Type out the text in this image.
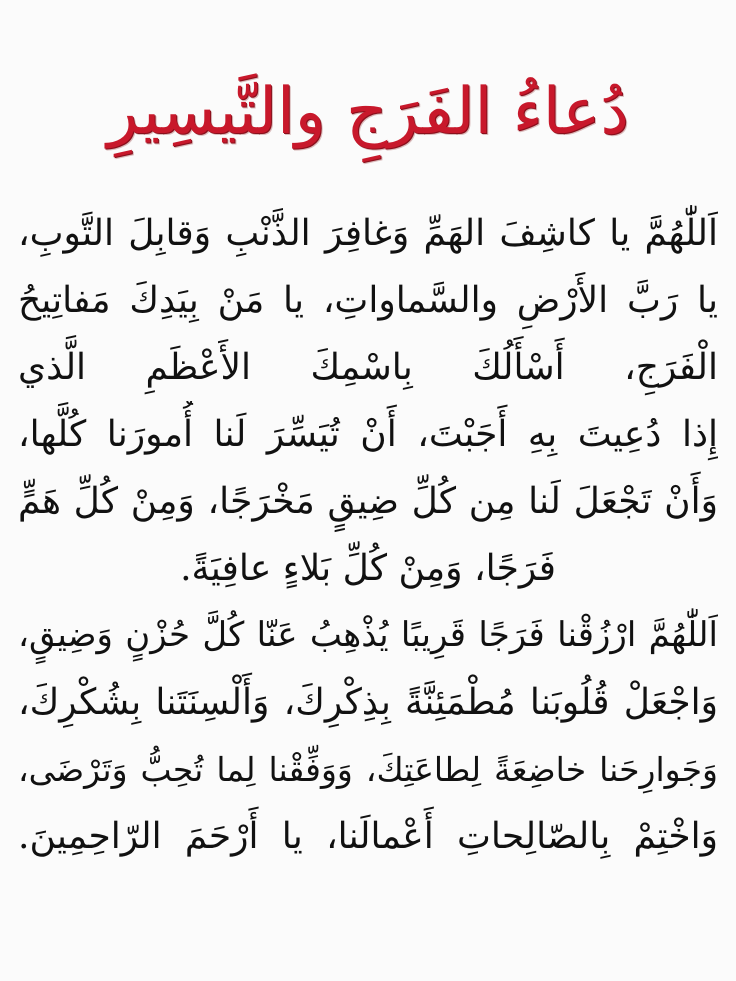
دُعاءُ الفَرَجِ والتَّيسِيرِ
اَللّٰهُمَّ يا كاشِفَ الهَمِّ وَغافِرَ الذَّنْبِ وَقابِلَ التَّوبِ،
يا رَبَّ الأَرْضِ والسَّماواتِ، يا مَنْ بِيَدِكَ مَفاتِيحُ
الْفَرَجِ، أَسْأَلُكَ بِاسْمِكَ الأَعْظَمِ الَّذي
إِذا دُعِيتَ بِهِ أَجَبْتَ، أَنْ تُيَسِّرَ لَنا أُمورَنا كُلَّها،
وَأَنْ تَجْعَلَ لَنا مِن كُلِّ ضِيقٍ مَخْرَجًا، وَمِنْ كُلِّ هَمٍّ
فَرَجًا، وَمِنْ كُلِّ بَلاءٍ عافِيَةً.
اَللّٰهُمَّ ارْزُقْنا فَرَجًا قَرِيبًا يُذْهِبُ عَنّا كُلَّ حُزْنٍ وَضِيقٍ،
وَاجْعَلْ قُلُوبَنا مُطْمَئِنَّةً بِذِكْرِكَ، وَأَلْسِنَتَنا بِشُكْرِكَ،
وَجَوارِحَنا خاضِعَةً لِطاعَتِكَ، وَوَفِّقْنا لِما تُحِبُّ وَتَرْضَى،
وَاخْتِمْ بِالصّالِحاتِ أَعْمالَنا، يا أَرْحَمَ الرّاحِمِينَ.
